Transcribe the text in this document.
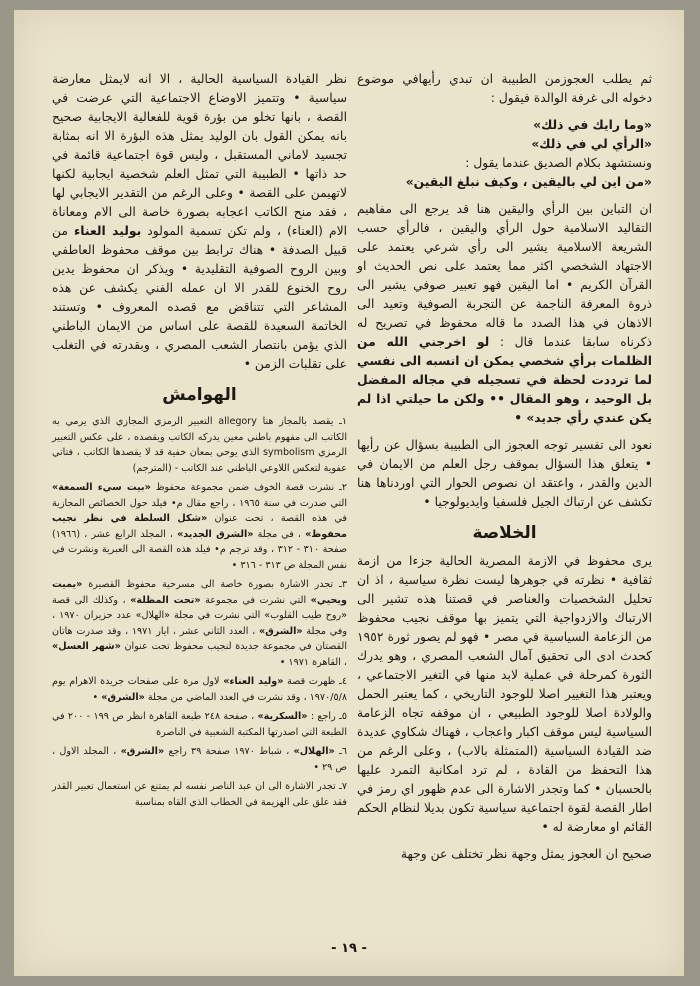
ثم يطلب العجوزمن الطبيبة ان تبدي رأيهافي موضوع دخوله الى غرفة الوالدة فيقول :

«وما رايك في ذلك»
«الرأي لي في ذلك»
ونستشهد بكلام الصديق عندما يقول :
«من اين لي باليقين ، وكيف نبلغ اليقين»

ان التباين بين الرأي واليقين هنا قد يرجع الى مفاهيم التقاليد الاسلامية حول الرأي واليقين ، فالرأي حسب الشريعة الاسلامية يشير الى رأي شرعي يعتمد على الاجتهاد الشخصي اكثر مما يعتمد على نص الحديث او القرآن الكريم • اما اليقين فهو تعبير صوفي يشير الى ذروة المعرفة الناجمة عن التجربة الصوفية وتعيد الى الاذهان في هذا الصدد ما قاله محفوظ في تصريح له ذكرناه سابقا عندما قال : لو اخرجني الله من الظلمات برأي شخصي يمكن ان انسبه الى نفسي لما ترددت لحظة في تسجيله في مجاله المفضل بل الوحيد ، وهو المقال •• ولكن ما حيلتي اذا لم يكن عندي رأي جديد» •

نعود الى تفسير توجه العجوز الى الطبيبة بسؤال عن رأيها • يتعلق هذا السؤال بموقف رجل العلم من الايمان في الدين والقدر ، واعتقد ان نصوص الحوار التي اوردناها هنا تكشف عن ارتباك الجيل فلسفيا وايديولوجيا •

الخلاصة

يرى محفوظ في الازمة المصرية الحالية جزءا من ازمة ثقافية • نظرته في جوهرها ليست نظرة سياسية ، اذ ان تحليل الشخصيات والعناصر في قصتنا هذه تشير الى الارتباك والازدواجية التي يتميز بها موقف نجيب محفوظ من الزعامة السياسية في مصر • فهو لم يصور ثورة ١٩٥٢ كحدث ادى الى تحقيق آمال الشعب المصري ، وهو يدرك الثورة كمرحلة في عملية لابد منها في التغير الاجتماعي ، ويعتبر هذا التغيير اصلا للوجود التاريخي ، كما يعتبر الحمل والولادة اصلا للوجود الطبيعي ، ان موقفه تجاه الزعامة السياسية ليس موقف اكبار واعجاب ، فهناك شكاوي عديدة ضد القيادة السياسية (المتمثلة بالاب) ، وعلى الرغم من هذا التحفظ من القادة ، لم ترد امكانية التمرد عليها بالحسبان • كما وتجدر الاشارة الى عدم ظهور اي رمز في اطار القصة لقوة اجتماعية سياسية تكون بديلا لنظام الحكم القائم او معارضة له •

صحيح ان العجوز يمثل وجهة نظر تختلف عن وجهة

نظر القيادة السياسية الحالية ، الا انه لايمثل معارضة سياسية • وتتميز الاوضاع الاجتماعية التي عرضت في القصة ، بانها تخلو من بؤرة قوية للفعالية الايجابية صحيح بانه يمكن القول بان الوليد يمثل هذه البؤرة الا انه بمثابة تجسيد لاماني المستقبل ، وليس قوة اجتماعية قائمة في حد ذاتها • الطبيبة التي تمثل العلم شخصية ايجابية لكنها لاتهيمن على القصة • وعلى الرغم من التقدير الايجابي لها ، فقد منح الكاتب اعجابه بصورة خاصة الى الام ومعاناة الام (العناء) ، ولم تكن تسمية المولود بوليد العناء من قبيل الصدفة • هناك ترابط بين موقف محفوظ العاطفي وبين الروح الصوفية التقليدية • ويذكر ان محفوظ يدين روح الخنوع للقدر الا ان عمله الفني يكشف عن هذه المشاعر التي تتناقض مع قصده المعروف • وتستند الخاتمة السعيدة للقصة على اساس من الايمان الباطني الذي يؤمن بانتصار الشعب المصري ، وبقدرته في التغلب على تقلبات الزمن •

الهوامش

١ـ يقصد بالمجاز هنا allegory التعبير الرمزي المجازي الذي يرمي به الكاتب الى مفهوم باطني معين يدركه الكاتب ويقصده ، على عكس التعبير الرمزي symbolism الذي يوحي بمعان خفية قد لا يقصدها الكاتب ، فتاتي عفوية لتعكس اللاوعي الباطني عند الكاتب - (المترجم)

٢ـ نشرت قصة الخوف ضمن مجموعة محفوظ «بيت سيء السمعة» التي صدرت في سنة ١٩٦٥ ، راجع مقال م• فيلد حول الخصائص المجازية في هذه القصة ، تحت عنوان «شكل السلطة في نظر نجيب محفوظ» ، في مجلة «الشرق الجديد» ، المجلد الرابع عشر ، (١٩٦٦) صفحة ٣١٠ - ٣١٢ ، وقد ترجم م• فيلد هذه القصة الى العبرية ونشرت في نفس المجلة ص ٣١٣ - ٣١٦ •

٣ـ تجدر الاشارة بصورة خاصة الى مسرحية محفوظ القصيرة «يميت ويحيي» التي نشرت في مجموعة «تحت المظلة» ، وكذلك الى قصة «روح طيب القلوب» التي نشرت في مجلة «الهلال» عدد حزيران ١٩٧٠ ، وفي مجلة «الشرق» ، العدد الثاني عشر ، ايار ١٩٧١ ، وقد صدرت هاتان القصتان في مجموعة جديدة لنجيب محفوظ تحت عنوان «شهر العسل» ، القاهرة ١٩٧١ •

٤ـ ظهرت قصة «وليد العناء» لاول مرة على صفحات جريدة الاهرام يوم ١٩٧٠/٥/٨ ، وقد نشرت في العدد الماضي من مجلة «الشرق» •

٥ـ راجع : «السكرية» ، صفحة ٢٤٨ طبعة القاهرة انظر ص ١٩٩ - ٢٠٠ في الطبعة التي اصدرتها المكتبة الشعبية في الناصرة

٦ـ «الهلال» ، شباط ١٩٧٠ صفحة ٣٩ راجع «الشرق» ، المجلد الاول ، ص ٢٩ •

٧ـ تجدر الاشارة الى ان عبد الناصر نفسه لم يمتنع عن استعمال تعبير القدر فقد علق على الهزيمة في الخطاب الذي القاه بمناسبة

- ١٩ -
